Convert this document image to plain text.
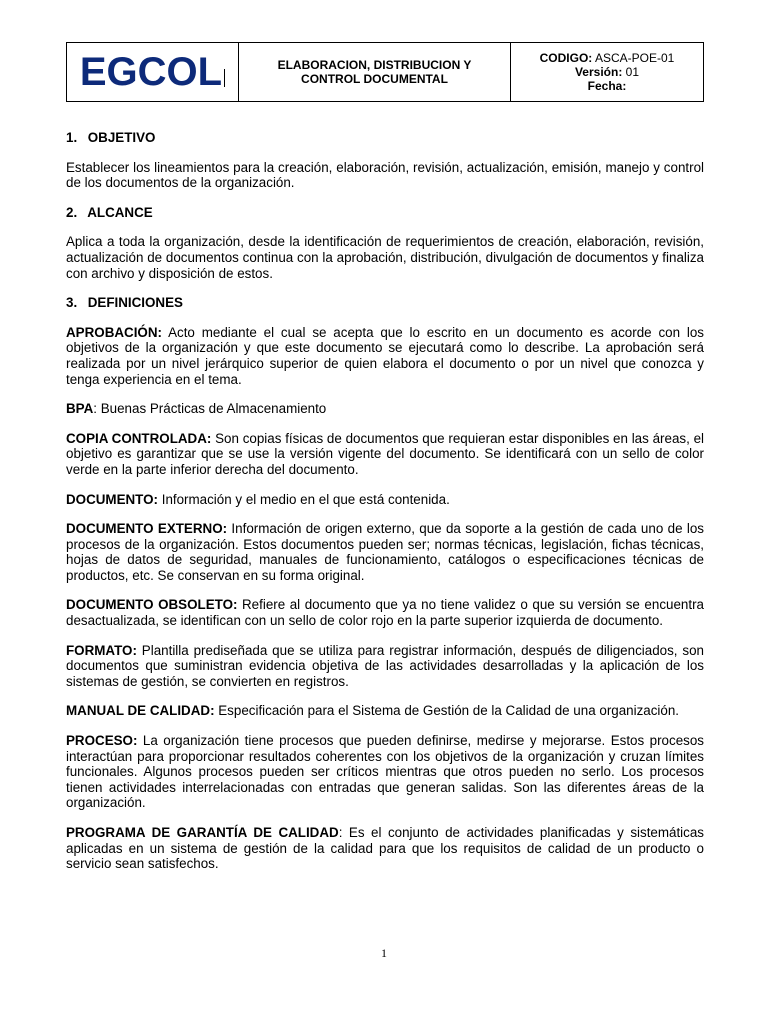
EGCOL	ELABORACION, DISTRIBUCION Y
CONTROL DOCUMENTAL
CODIGO: ASCA-POE-01
Versión: 01
Fecha:
1. OBJETIVO

Establecer los lineamientos para la creación, elaboración, revisión, actualización, emisión, manejo y control de los documentos de la organización.

2. ALCANCE

Aplica a toda la organización, desde la identificación de requerimientos de creación, elaboración, revisión, actualización de documentos continua con la aprobación, distribución, divulgación de documentos y finaliza con archivo y disposición de estos.

3. DEFINICIONES

APROBACIÓN: Acto mediante el cual se acepta que lo escrito en un documento es acorde con los objetivos de la organización y que este documento se ejecutará como lo describe. La aprobación será realizada por un nivel jerárquico superior de quien elabora el documento o por un nivel que conozca y tenga experiencia en el tema.

BPA: Buenas Prácticas de Almacenamiento

COPIA CONTROLADA: Son copias físicas de documentos que requieran estar disponibles en las áreas, el objetivo es garantizar que se use la versión vigente del documento. Se identificará con un sello de color verde en la parte inferior derecha del documento.

DOCUMENTO: Información y el medio en el que está contenida.

DOCUMENTO EXTERNO: Información de origen externo, que da soporte a la gestión de cada uno de los procesos de la organización. Estos documentos pueden ser; normas técnicas, legislación, fichas técnicas, hojas de datos de seguridad, manuales de funcionamiento, catálogos o especificaciones técnicas de productos, etc. Se conservan en su forma original.

DOCUMENTO OBSOLETO: Refiere al documento que ya no tiene validez o que su versión se encuentra desactualizada, se identifican con un sello de color rojo en la parte superior izquierda de documento.

FORMATO: Plantilla prediseñada que se utiliza para registrar información, después de diligenciados, son documentos que suministran evidencia objetiva de las actividades desarrolladas y la aplicación de los sistemas de gestión, se convierten en registros.

MANUAL DE CALIDAD: Especificación para el Sistema de Gestión de la Calidad de una organización.

PROCESO: La organización tiene procesos que pueden definirse, medirse y mejorarse. Estos procesos interactúan para proporcionar resultados coherentes con los objetivos de la organización y cruzan límites funcionales. Algunos procesos pueden ser críticos mientras que otros pueden no serlo. Los procesos tienen actividades interrelacionadas con entradas que generan salidas. Son las diferentes áreas de la organización.

PROGRAMA DE GARANTÍA DE CALIDAD: Es el conjunto de actividades planificadas y sistemáticas aplicadas en un sistema de gestión de la calidad para que los requisitos de calidad de un producto o servicio sean satisfechos.

1
